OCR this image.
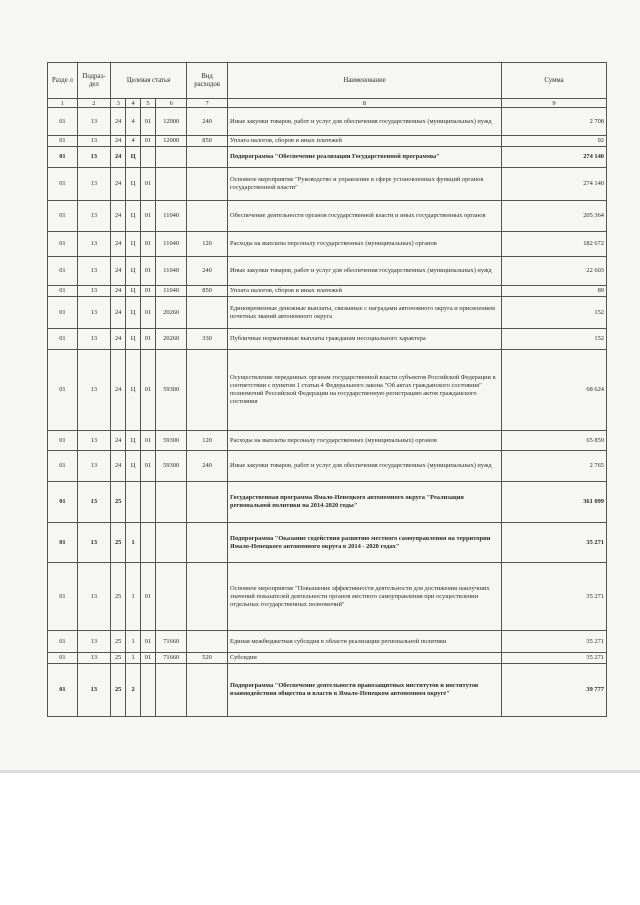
Разде л	Подраз- дел	Целевая статья				Вид расходов	Наименование	Сумма
1	2	3	4	5	6	7	8	9
01	13	24	4	01	12000	240	Иные закупки товаров, работ и услуг для обеспечения государственных (муниципальных) нужд	2 708
01	13	24	4	01	12000	850	Уплата налогов, сборов и иных платежей	92
01	13	24	Ц				Подпрограмма "Обеспечение реализации Государственной программы"	274 140
01	13	24	Ц	01			Основное мероприятие "Руководство и управление в сфере установленных функций органов государственной власти"	274 140
01	13	24	Ц	01	11040		Обеспечение деятельности органов государственной власти и иных государственных органов	205 364
01	13	24	Ц	01	11040	120	Расходы на выплаты персоналу государственных (муниципальных) органов	182 672
01	13	24	Ц	01	11040	240	Иные закупки товаров, работ и услуг для обеспечения государственных (муниципальных) нужд	22 603
01	13	24	Ц	01	11040	850	Уплата налогов, сборов и иных платежей	89
01	13	24	Ц	01	20260		Единовременные денежные выплаты, связанные с наградами автономного округа и присвоением почетных званий автономного округа	152
01	13	24	Ц	01	20260	330	Публичные нормативные выплаты гражданам несоциального характера	152
01	13	24	Ц	01	59300		Осуществление переданных органам государственной власти субъектов Российской Федерации в соответствии с пунктом 1 статьи 4 Федерального закона "Об актах гражданского состояния" полномочий Российской Федерации на государственную регистрацию актов гражданского состояния	68 624
01	13	24	Ц	01	59300	120	Расходы на выплаты персоналу государственных (муниципальных) органов	65 859
01	13	24	Ц	01	59300	240	Иные закупки товаров, работ и услуг для обеспечения государственных (муниципальных) нужд	2 765
01	13	25					Государственная программа Ямало-Ненецкого автономного округа "Реализация региональной политики на 2014-2020 годы"	361 099
01	13	25	1				Подпрограмма "Оказание содействия развитию местного самоуправления на территории Ямало-Ненецкого автономного округа в 2014 - 2020 годах"	35 271
01	13	25	1	01			Основное мероприятие "Повышение эффективности деятельности для достижения наилучших значений показателей деятельности органов местного самоуправления при осуществлении отдельных государственных полномочий"	35 271
01	13	25	1	01	71660		Единая межбюджетная субсидия в области реализации региональной политики	35 271
01	13	25	1	01	71660	520	Субсидии	35 271
01	13	25	2				Подпрограмма "Обеспечение деятельности правозащитных институтов и институтов взаимодействия общества и власти в Ямало-Ненецком автономном округе"	39 777
